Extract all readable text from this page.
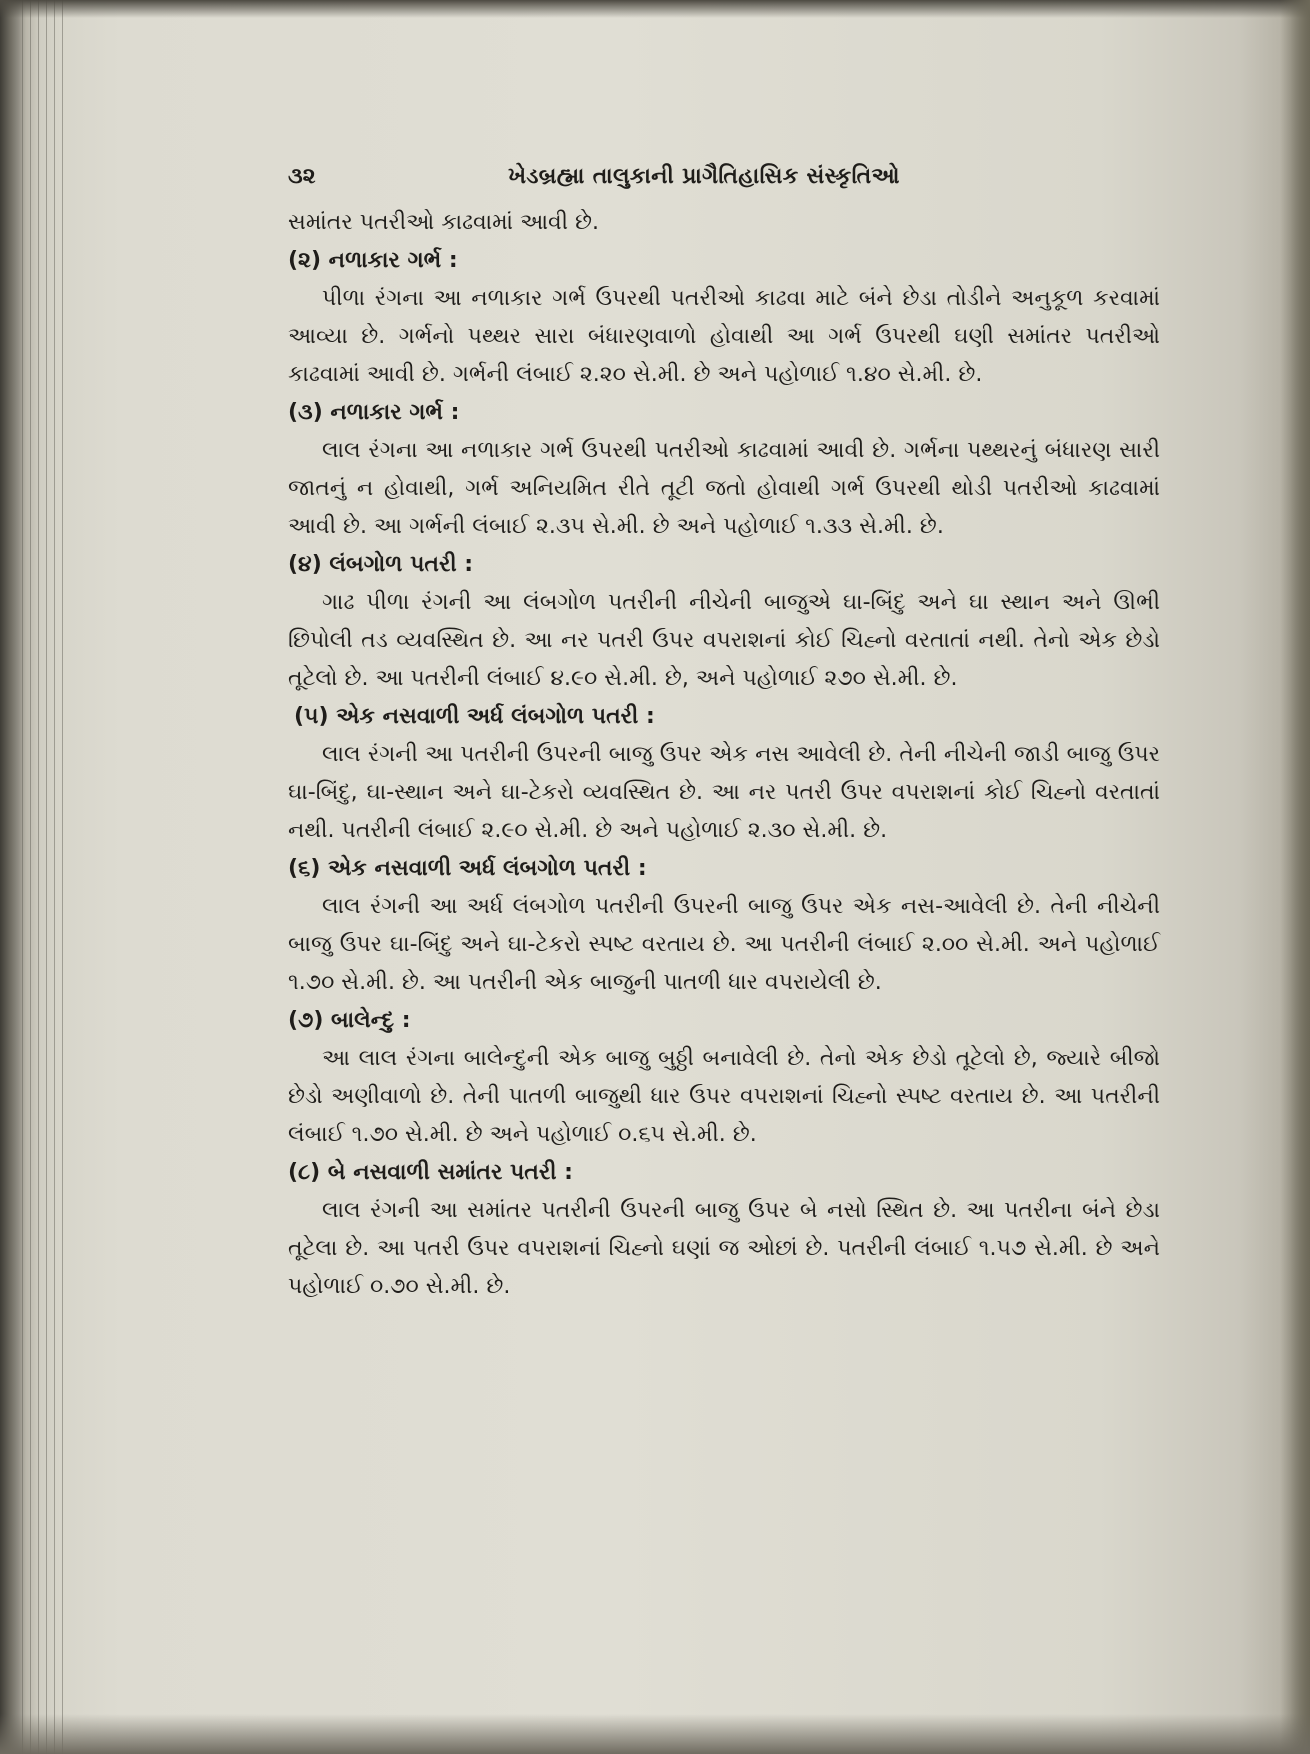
૩૨	ખેડબ્રહ્મા તાલુકાની પ્રાગૈતિહાસિક સંસ્કૃતિઓ

સમાંતર પતરીઓ કાઢવામાં આવી છે.

(૨) નળાકાર ગર્ભ :

પીળા રંગના આ નળાકાર ગર્ભ ઉપરથી પતરીઓ કાઢવા માટે બંને છેડા તોડીને અનુકૂળ કરવામાં આવ્યા છે. ગર્ભનો પથ્થર સારા બંધારણવાળો હોવાથી આ ગર્ભ ઉપરથી ઘણી સમાંતર પતરીઓ કાઢવામાં આવી છે. ગર્ભની લંબાઈ ૨.૨૦ સે.મી. છે અને પહોળાઈ ૧.૪૦ સે.મી. છે.

(૩) નળાકાર ગર્ભ :

લાલ રંગના આ નળાકાર ગર્ભ ઉપરથી પતરીઓ કાઢવામાં આવી છે. ગર્ભના પથ્થરનું બંધારણ સારી જાતનું ન હોવાથી, ગર્ભ અનિયમિત રીતે તૂટી જતો હોવાથી ગર્ભ ઉપરથી થોડી પતરીઓ કાઢવામાં આવી છે. આ ગર્ભની લંબાઈ ૨.૩૫ સે.મી. છે અને પહોળાઈ ૧.૩૩ સે.મી. છે.

(૪) લંબગોળ પતરી :

ગાઢ પીળા રંગની આ લંબગોળ પતરીની નીચેની બાજુએ ઘા-બિંદુ અને ઘા સ્થાન અને ઊભી છિપોલી તડ વ્યવસ્થિત છે. આ નર પતરી ઉપર વપરાશનાં કોઈ ચિહ્નો વરતાતાં નથી. તેનો એક છેડો તૂટેલો છે. આ પતરીની લંબાઈ ૪.૯૦ સે.મી. છે, અને પહોળાઈ ૨૭૦ સે.મી. છે.

(૫) એક નસવાળી અર્ધ લંબગોળ પતરી :

લાલ રંગની આ પતરીની ઉપરની બાજુ ઉપર એક નસ આવેલી છે. તેની નીચેની જાડી બાજુ ઉપર ઘા-બિંદુ, ઘા-સ્થાન અને ઘા-ટેકરો વ્યવસ્થિત છે. આ નર પતરી ઉપર વપરાશનાં કોઈ ચિહ્નો વરતાતાં નથી. પતરીની લંબાઈ ૨.૯૦ સે.મી. છે અને પહોળાઈ ૨.૩૦ સે.મી. છે.

(૬) એક નસવાળી અર્ધ લંબગોળ પતરી :

લાલ રંગની આ અર્ધ લંબગોળ પતરીની ઉપરની બાજુ ઉપર એક નસ-આવેલી છે. તેની નીચેની બાજુ ઉપર ઘા-બિંદુ અને ઘા-ટેકરો સ્પષ્ટ વરતાય છે. આ પતરીની લંબાઈ ૨.૦૦ સે.મી. અને પહોળાઈ ૧.૭૦ સે.મી. છે. આ પતરીની એક બાજુની પાતળી ધાર વપરાયેલી છે.

(૭) બાલેન્દુ :

આ લાલ રંગના બાલેન્દુની એક બાજુ બુઠ્ઠી બનાવેલી છે. તેનો એક છેડો તૂટેલો છે, જ્યારે બીજો છેડો અણીવાળો છે. તેની પાતળી બાજુથી ધાર ઉપર વપરાશનાં ચિહ્નો સ્પષ્ટ વરતાય છે. આ પતરીની લંબાઈ ૧.૭૦ સે.મી. છે અને પહોળાઈ ૦.૬૫ સે.મી. છે.

(૮) બે નસવાળી સમાંતર પતરી :

લાલ રંગની આ સમાંતર પતરીની ઉપરની બાજુ ઉપર બે નસો સ્થિત છે. આ પતરીના બંને છેડા તૂટેલા છે. આ પતરી ઉપર વપરાશનાં ચિહ્નો ઘણાં જ ઓછાં છે. પતરીની લંબાઈ ૧.૫૭ સે.મી. છે અને પહોળાઈ ૦.૭૦ સે.મી. છે.
